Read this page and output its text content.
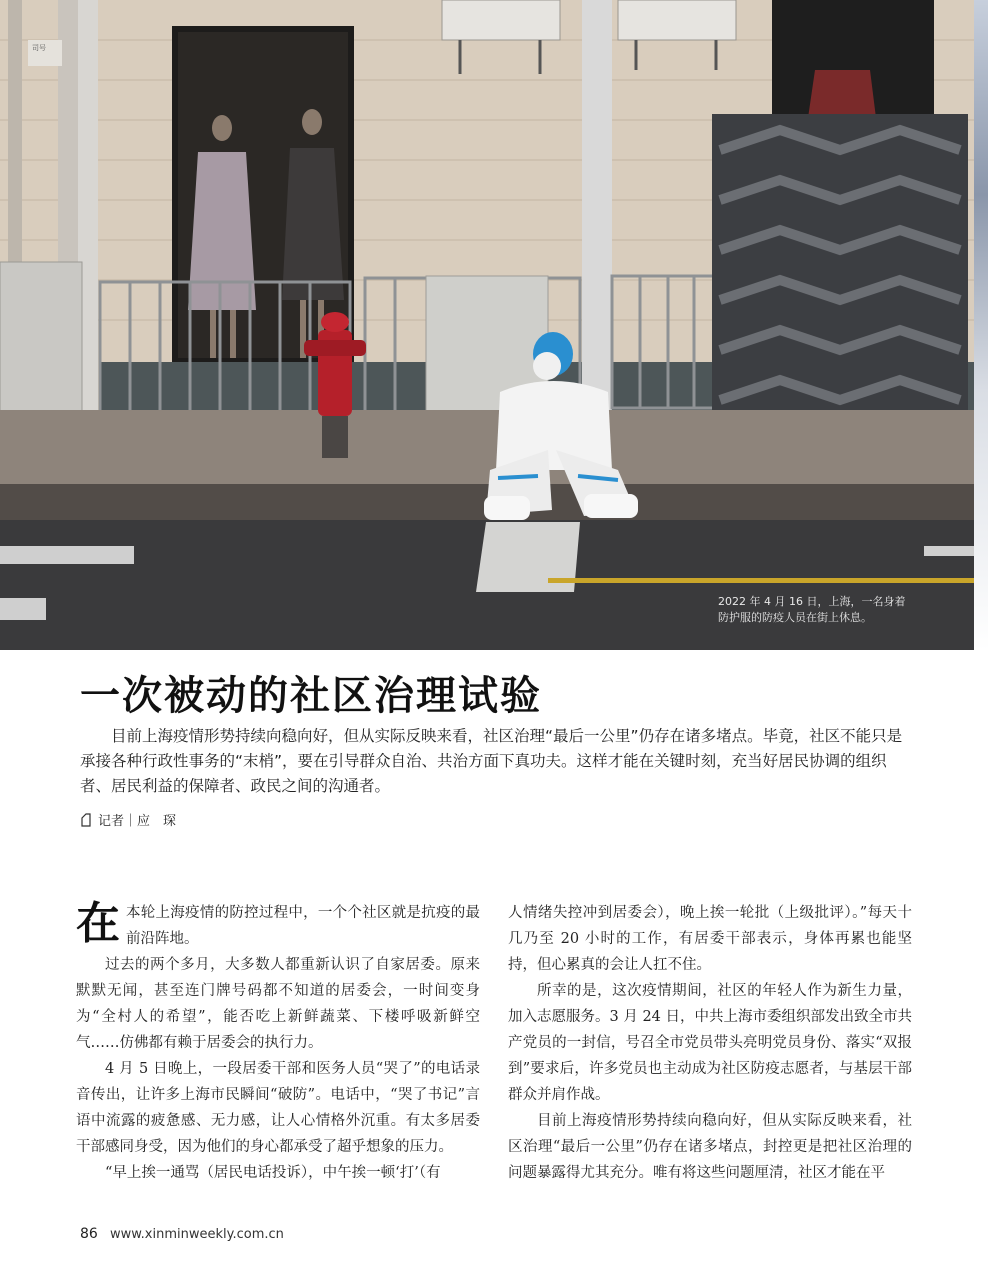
司号
2022 年 4 月 16 日，上海，一名身着
防护服的防疫人员在街上休息。
一次被动的社区治理试验

目前上海疫情形势持续向稳向好，但从实际反映来看，社区治理“最后一公里”仍存在诸多堵点。毕竟，社区不能只是承接各种行政性事务的“末梢”，要在引导群众自治、共治方面下真功夫。这样才能在关键时刻，充当好居民协调的组织者、居民利益的保障者、政民之间的沟通者。

记者｜应　琛

在本轮上海疫情的防控过程中，一个个社区就是抗疫的最前沿阵地。

过去的两个多月，大多数人都重新认识了自家居委。原来默默无闻，甚至连门牌号码都不知道的居委会，一时间变身为“全村人的希望”，能否吃上新鲜蔬菜、下楼呼吸新鲜空气……仿佛都有赖于居委会的执行力。

4 月 5 日晚上，一段居委干部和医务人员“哭了”的电话录音传出，让许多上海市民瞬间“破防”。电话中，“哭了书记”言语中流露的疲惫感、无力感，让人心情格外沉重。有太多居委干部感同身受，因为他们的身心都承受了超乎想象的压力。

“早上挨一通骂（居民电话投诉），中午挨一顿‘打’（有

人情绪失控冲到居委会），晚上挨一轮批（上级批评）。”每天十几乃至 20 小时的工作，有居委干部表示，身体再累也能坚持，但心累真的会让人扛不住。

所幸的是，这次疫情期间，社区的年轻人作为新生力量，加入志愿服务。3 月 24 日，中共上海市委组织部发出致全市共产党员的一封信，号召全市党员带头亮明党员身份、落实“双报到”要求后，许多党员也主动成为社区防疫志愿者，与基层干部群众并肩作战。

目前上海疫情形势持续向稳向好，但从实际反映来看，社区治理“最后一公里”仍存在诸多堵点，封控更是把社区治理的问题暴露得尤其充分。唯有将这些问题厘清，社区才能在平

86 www.xinminweekly.com.cn
